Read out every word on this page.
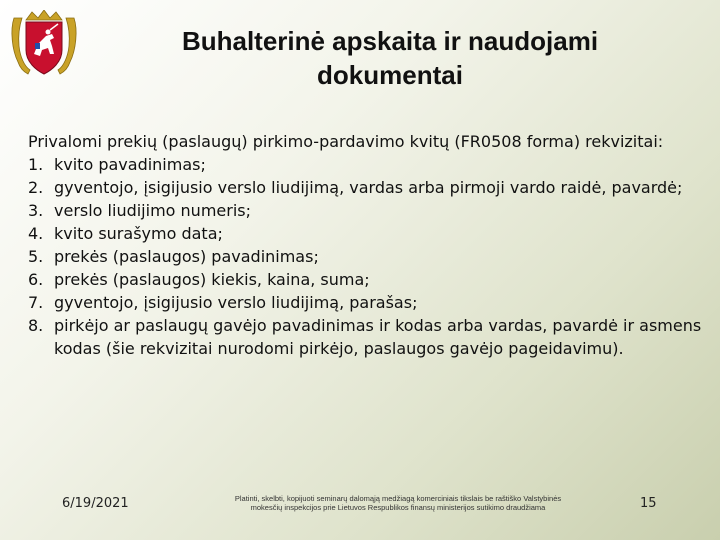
Buhalterinė apskaita ir naudojami
dokumentai

Privalomi prekių (paslaugų) pirkimo-pardavimo kvitų (FR0508 forma) rekvizitai:

1. kvito pavadinimas;
2. gyventojo, įsigijusio verslo liudijimą, vardas arba pirmoji vardo raidė, pavardė;
3. verslo liudijimo numeris;
4. kvito surašymo data;
5. prekės (paslaugos) pavadinimas;
6. prekės (paslaugos) kiekis, kaina, suma;
7. gyventojo, įsigijusio verslo liudijimą, parašas;
8. pirkėjo ar paslaugų gavėjo pavadinimas ir kodas arba vardas, pavardė ir asmens kodas (šie rekvizitai nurodomi pirkėjo, paslaugos gavėjo pageidavimu).
6/19/2021	Platinti, skelbti, kopijuoti seminarų dalomąją medžiagą komerciniais tikslais be raštiško Valstybinės
mokesčių inspekcijos prie Lietuvos Respublikos finansų ministerijos sutikimo draudžiama	15
